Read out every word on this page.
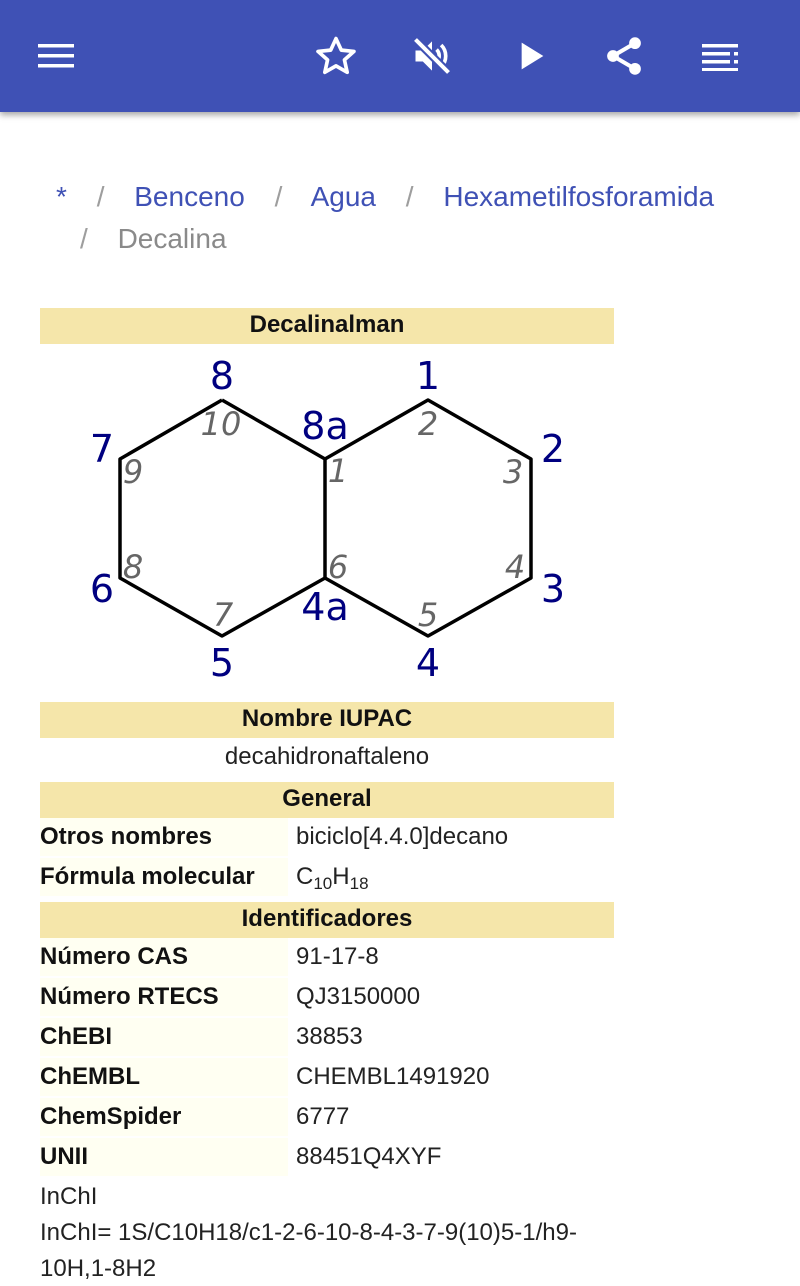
* / Benceno / Agua / Hexametilfosforamida
/ Decalina
Decalinalman
8	1
7
8a
2
6	4a	3
5	4
10	2
9	1	3
8	6	4
7	5
Nombre IUPAC
decahidronaftaleno
General
Otros nombres	biciclo[4.4.0]decano
Fórmula molecular	$C_{10}H_{18}$
Identificadores
Número CAS	91-17-8
Número RTECS	QJ3150000
ChEBI	38853
ChEMBL	CHEMBL1491920
ChemSpider	6777
UNII	88451Q4XYF
InChI
InChI= 1S/C10H18/c1-2-6-10-8-4-3-7-9(10)5-1/h9-
10H,1-8H2
